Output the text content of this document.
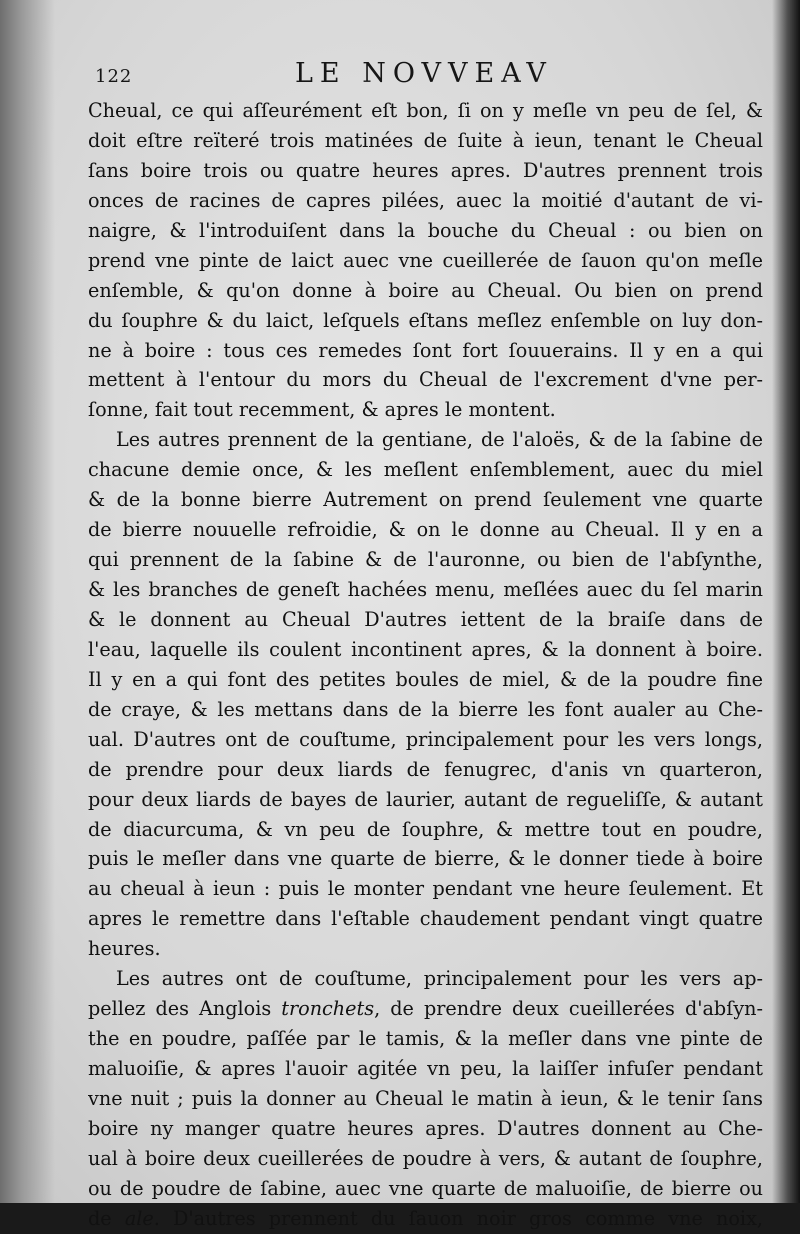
122	LE NOVVEAV
Cheual, ce qui aſſeurément eſt bon, ſi on y meſle vn peu de ſel, &
doit eſtre reïteré trois matinées de ſuite à ieun, tenant le Cheual
ſans boire trois ou quatre heures apres. D'autres prennent trois
onces de racines de capres pilées, auec la moitié d'autant de vi-
naigre, & l'introduiſent dans la bouche du Cheual : ou bien on
prend vne pinte de laict auec vne cueillerée de ſauon qu'on meſle
enſemble, & qu'on donne à boire au Cheual. Ou bien on prend
du ſouphre & du laict, leſquels eſtans meſlez enſemble on luy don-
ne à boire : tous ces remedes ſont fort ſouuerains. Il y en a qui
mettent à l'entour du mors du Cheual de l'excrement d'vne per-
ſonne, fait tout recemment, & apres le montent.
Les autres prennent de la gentiane, de l'aloës, & de la ſabine de
chacune demie once, & les meſlent enſemblement, auec du miel
& de la bonne bierre Autrement on prend ſeulement vne quarte
de bierre nouuelle refroidie, & on le donne au Cheual. Il y en a
qui prennent de la ſabine & de l'auronne, ou bien de l'abſynthe,
& les branches de geneſt hachées menu, meſlées auec du ſel marin
& le donnent au Cheual D'autres iettent de la braiſe dans de
l'eau, laquelle ils coulent incontinent apres, & la donnent à boire.
Il y en a qui font des petites boules de miel, & de la poudre fine
de craye, & les mettans dans de la bierre les font aualer au Che-
ual. D'autres ont de couſtume, principalement pour les vers longs,
de prendre pour deux liards de fenugrec, d'anis vn quarteron,
pour deux liards de bayes de laurier, autant de regueliſſe, & autant
de diacurcuma, & vn peu de ſouphre, & mettre tout en poudre,
puis le meſler dans vne quarte de bierre, & le donner tiede à boire
au cheual à ieun : puis le monter pendant vne heure ſeulement. Et
apres le remettre dans l'eſtable chaudement pendant vingt quatre
heures.
Les autres ont de couſtume, principalement pour les vers ap-
pellez des Anglois tronchets, de prendre deux cueillerées d'abſyn-
the en poudre, paſſée par le tamis, & la meſler dans vne pinte de
maluoiſie, & apres l'auoir agitée vn peu, la laiſſer infuſer pendant
vne nuit ; puis la donner au Cheual le matin à ieun, & le tenir ſans
boire ny manger quatre heures apres. D'autres donnent au Che-
ual à boire deux cueillerées de poudre à vers, & autant de ſouphre,
ou de poudre de ſabine, auec vne quarte de maluoiſie, de bierre ou
de ale. D'autres prennent du ſauon noir gros comme vne noix,
